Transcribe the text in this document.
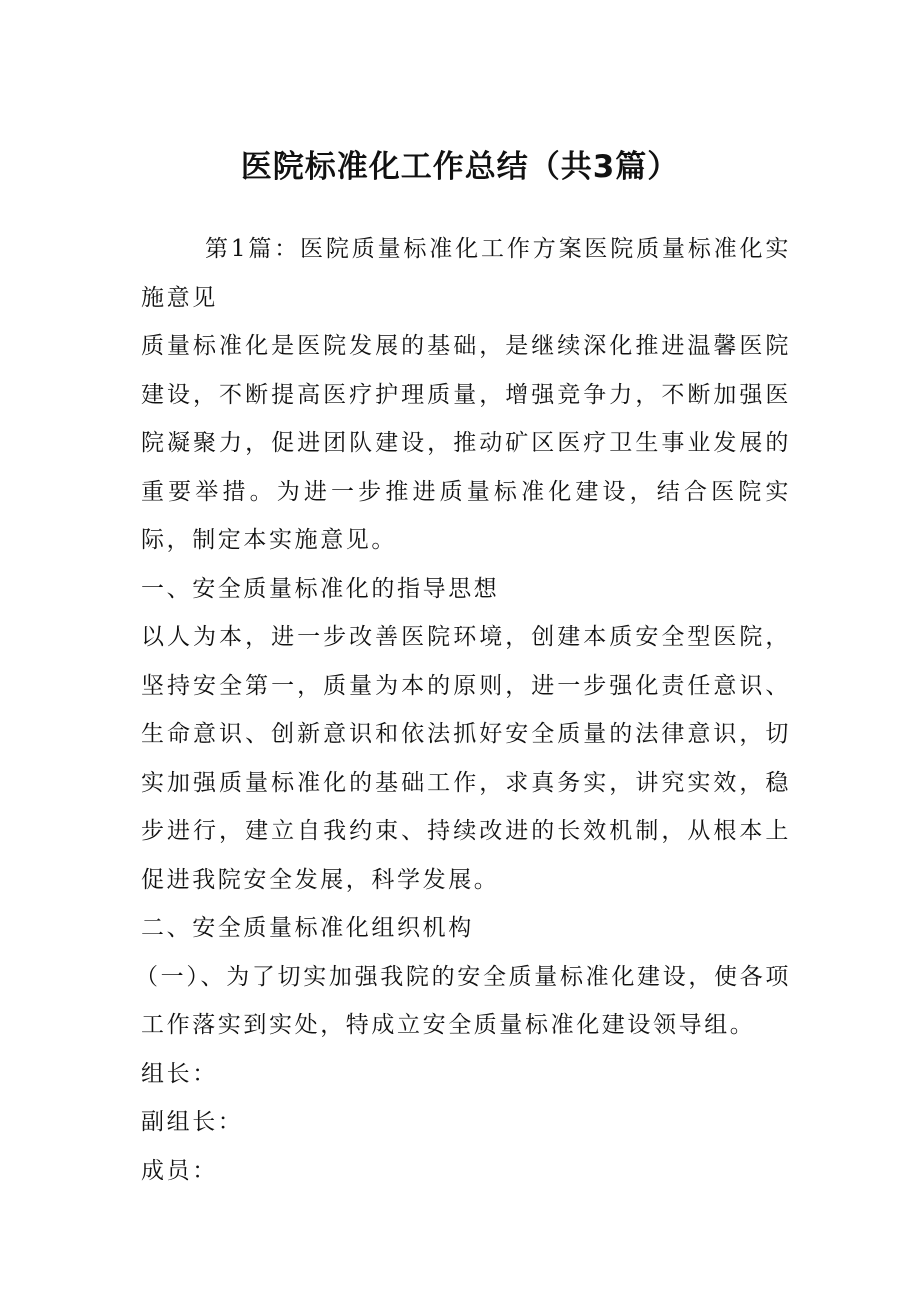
医院标准化工作总结（共3篇）

第1篇：医院质量标准化工作方案医院质量标准化实施意见

质量标准化是医院发展的基础，是继续深化推进温馨医院建设，不断提高医疗护理质量，增强竞争力，不断加强医院凝聚力，促进团队建设，推动矿区医疗卫生事业发展的重要举措。为进一步推进质量标准化建设，结合医院实际，制定本实施意见。

一、安全质量标准化的指导思想

以人为本，进一步改善医院环境，创建本质安全型医院，坚持安全第一，质量为本的原则，进一步强化责任意识、生命意识、创新意识和依法抓好安全质量的法律意识，切实加强质量标准化的基础工作，求真务实，讲究实效，稳步进行，建立自我约束、持续改进的长效机制，从根本上促进我院安全发展，科学发展。

二、安全质量标准化组织机构

（一）、为了切实加强我院的安全质量标准化建设，使各项工作落实到实处，特成立安全质量标准化建设领导组。

组长：

副组长：

成员：
